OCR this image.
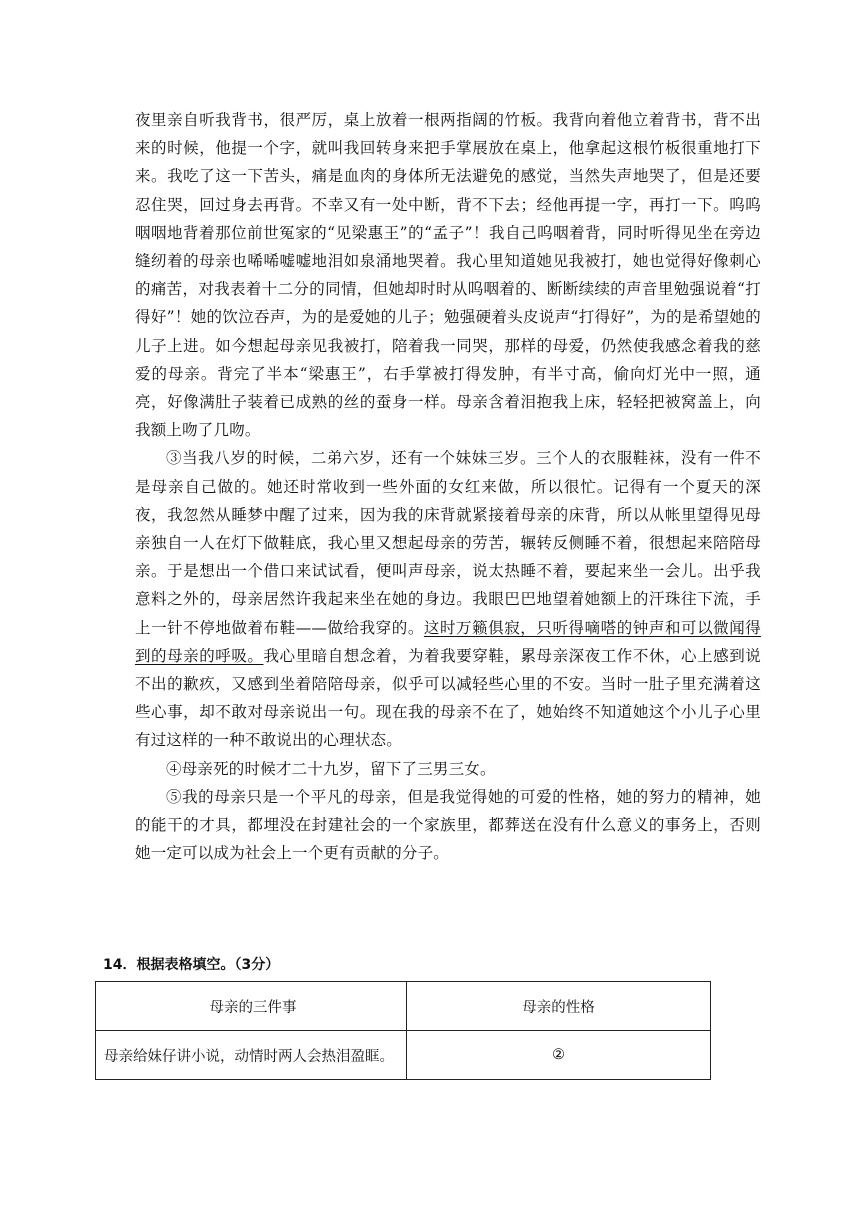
夜里亲自听我背书，很严厉，桌上放着一根两指阔的竹板。我背向着他立着背书，背不出来的时候，他提一个字，就叫我回转身来把手掌展放在桌上，他拿起这根竹板很重地打下来。我吃了这一下苦头，痛是血肉的身体所无法避免的感觉，当然失声地哭了，但是还要忍住哭，回过身去再背。不幸又有一处中断，背不下去；经他再提一字，再打一下。呜呜咽咽地背着那位前世冤家的“见梁惠王”的“孟子”！我自己呜咽着背，同时听得见坐在旁边缝纫着的母亲也唏唏嘘嘘地泪如泉涌地哭着。我心里知道她见我被打，她也觉得好像刺心的痛苦，对我表着十二分的同情，但她却时时从呜咽着的、断断续续的声音里勉强说着“打得好”！她的饮泣吞声，为的是爱她的儿子；勉强硬着头皮说声“打得好”，为的是希望她的儿子上进。如今想起母亲见我被打，陪着我一同哭，那样的母爱，仍然使我感念着我的慈爱的母亲。背完了半本“梁惠王”，右手掌被打得发肿，有半寸高，偷向灯光中一照，通亮，好像满肚子装着已成熟的丝的蚕身一样。母亲含着泪抱我上床，轻轻把被窝盖上，向我额上吻了几吻。

③当我八岁的时候，二弟六岁，还有一个妹妹三岁。三个人的衣服鞋袜，没有一件不是母亲自己做的。她还时常收到一些外面的女红来做，所以很忙。记得有一个夏天的深夜，我忽然从睡梦中醒了过来，因为我的床背就紧接着母亲的床背，所以从帐里望得见母亲独自一人在灯下做鞋底，我心里又想起母亲的劳苦，辗转反侧睡不着，很想起来陪陪母亲。于是想出一个借口来试试看，便叫声母亲，说太热睡不着，要起来坐一会儿。出乎我意料之外的，母亲居然许我起来坐在她的身边。我眼巴巴地望着她额上的汗珠往下流，手上一针不停地做着布鞋——做给我穿的。这时万籁俱寂，只听得嘀嗒的钟声和可以微闻得到的母亲的呼吸。我心里暗自想念着，为着我要穿鞋，累母亲深夜工作不休，心上感到说不出的歉疚，又感到坐着陪陪母亲，似乎可以减轻些心里的不安。当时一肚子里充满着这些心事，却不敢对母亲说出一句。现在我的母亲不在了，她始终不知道她这个小儿子心里有过这样的一种不敢说出的心理状态。

④母亲死的时候才二十九岁，留下了三男三女。

⑤我的母亲只是一个平凡的母亲，但是我觉得她的可爱的性格，她的努力的精神，她的能干的才具，都埋没在封建社会的一个家族里，都葬送在没有什么意义的事务上，否则她一定可以成为社会上一个更有贡献的分子。

14．根据表格填空。（3分）

母亲的三件事	母亲的性格
母亲给妹仔讲小说，动情时两人会热泪盈眶。	②
